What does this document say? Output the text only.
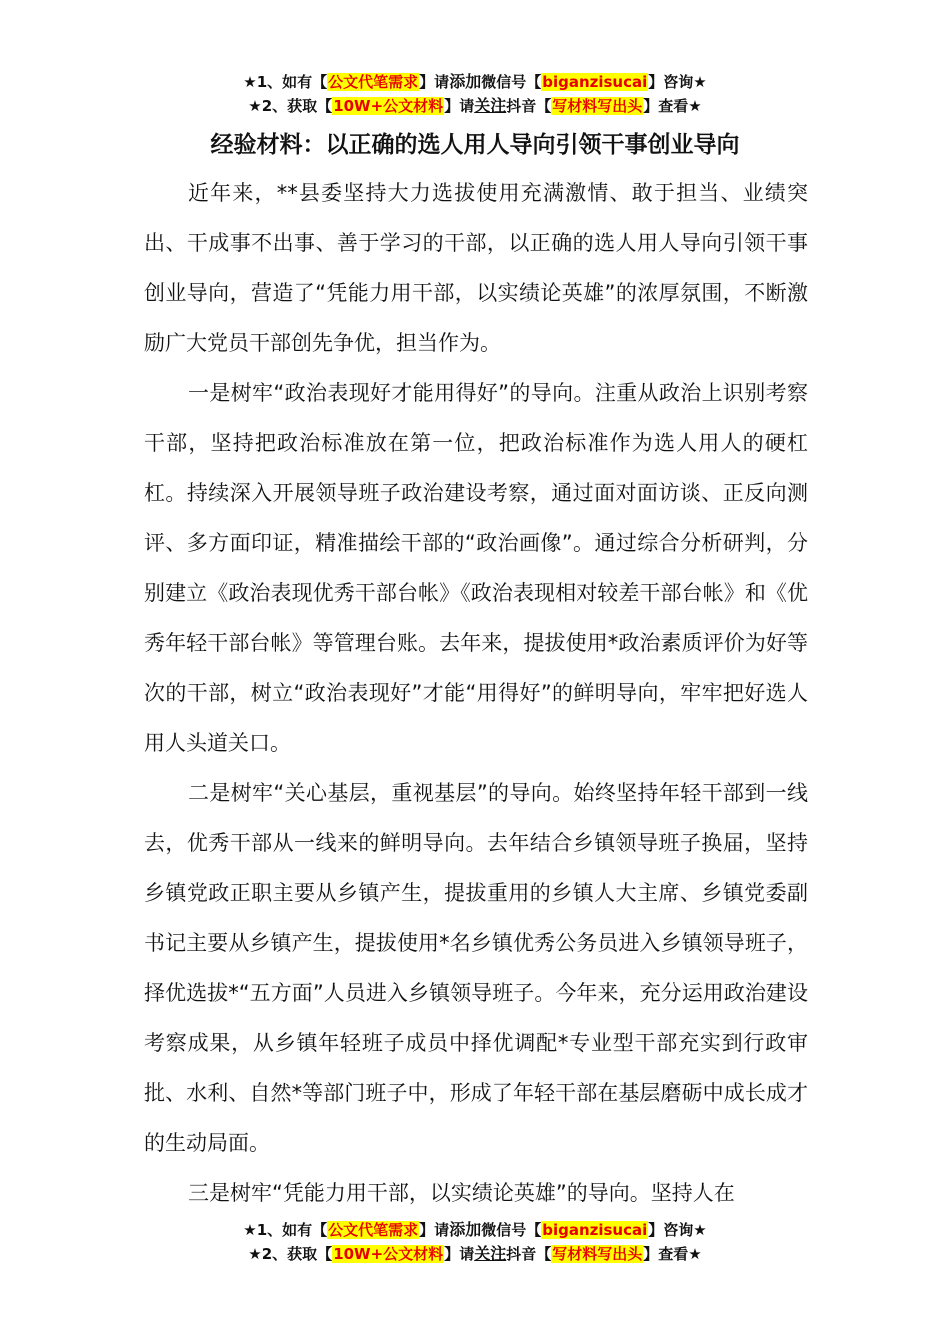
★1、如有【公文代笔需求】请添加微信号【biganzisucai】咨询★
★2、获取【10W+公文材料】请关注抖音【写材料写出头】查看★
经验材料：以正确的选人用人导向引领干事创业导向

近年来，**县委坚持大力选拔使用充满激情、敢于担当、业绩突出、干成事不出事、善于学习的干部，以正确的选人用人导向引领干事创业导向，营造了“凭能力用干部，以实绩论英雄”的浓厚氛围，不断激励广大党员干部创先争优，担当作为。

一是树牢“政治表现好才能用得好”的导向。注重从政治上识别考察干部，坚持把政治标准放在第一位，把政治标准作为选人用人的硬杠杠。持续深入开展领导班子政治建设考察，通过面对面访谈、正反向测评、多方面印证，精准描绘干部的“政治画像”。通过综合分析研判，分别建立《政治表现优秀干部台帐》《政治表现相对较差干部台帐》和《优秀年轻干部台帐》等管理台账。去年来，提拔使用*政治素质评价为好等次的干部，树立“政治表现好”才能“用得好”的鲜明导向，牢牢把好选人用人头道关口。

二是树牢“关心基层，重视基层”的导向。始终坚持年轻干部到一线去，优秀干部从一线来的鲜明导向。去年结合乡镇领导班子换届，坚持乡镇党政正职主要从乡镇产生，提拔重用的乡镇人大主席、乡镇党委副书记主要从乡镇产生，提拔使用*名乡镇优秀公务员进入乡镇领导班子，择优选拔*“五方面”人员进入乡镇领导班子。今年来，充分运用政治建设考察成果，从乡镇年轻班子成员中择优调配*专业型干部充实到行政审批、水利、自然*等部门班子中，形成了年轻干部在基层磨砺中成长成才的生动局面。

三是树牢“凭能力用干部，以实绩论英雄”的导向。坚持人在

★1、如有【公文代笔需求】请添加微信号【biganzisucai】咨询★
★2、获取【10W+公文材料】请关注抖音【写材料写出头】查看★
